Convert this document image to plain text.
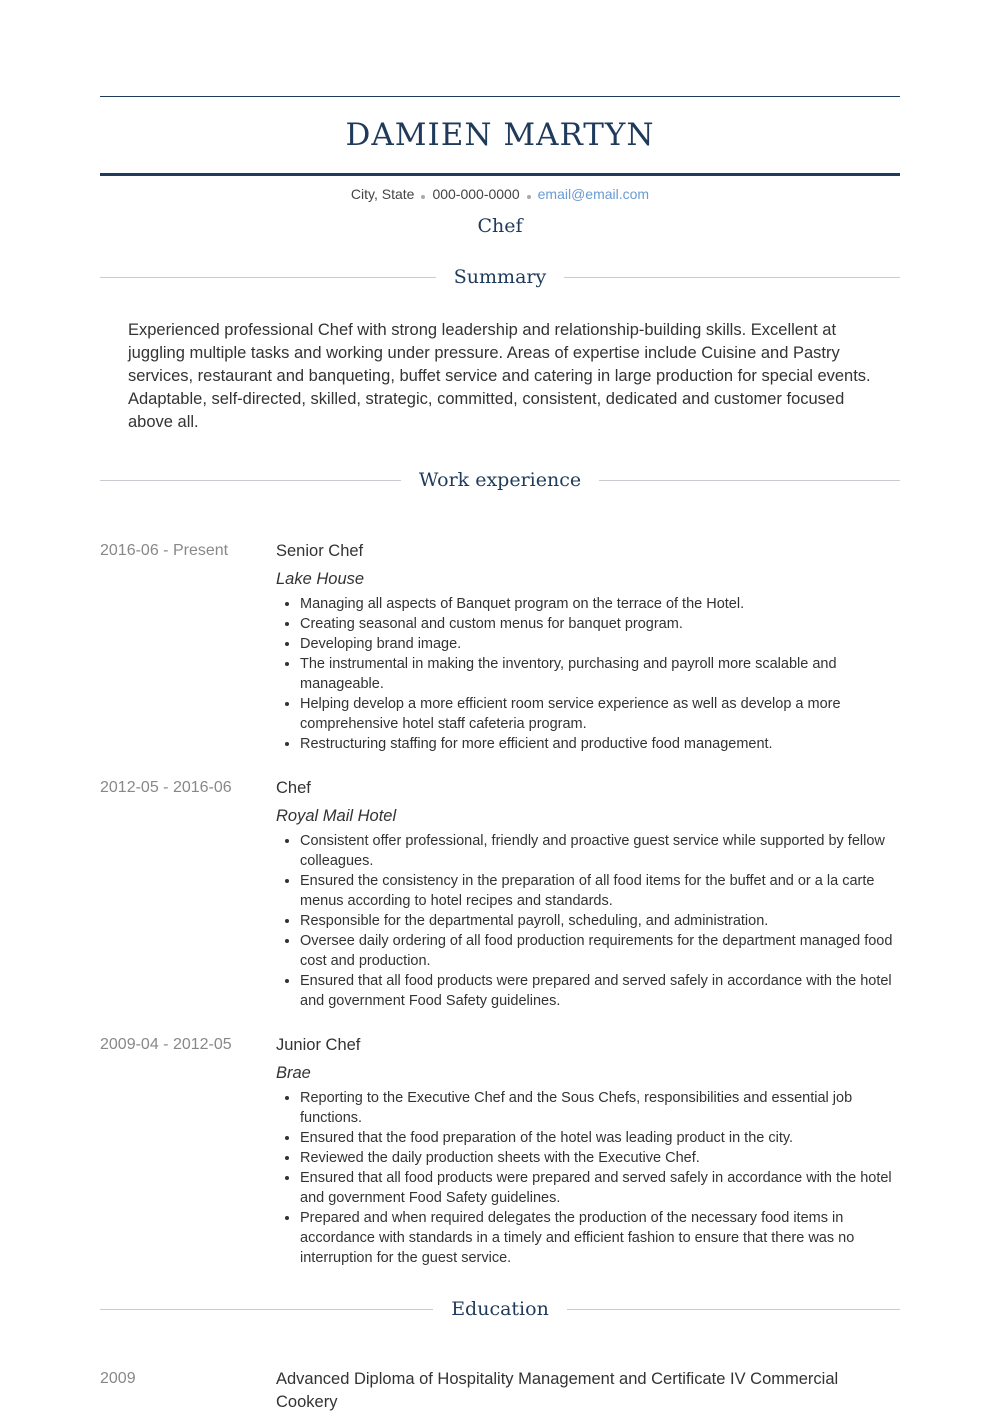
DAMIEN MARTYN
City, State 000-000-0000 email@email.com
Chef
Summary

Experienced professional Chef with strong leadership and relationship-building skills. Excellent at juggling multiple tasks and working under pressure. Areas of expertise include Cuisine and Pastry services, restaurant and banqueting, buffet service and catering in large production for special events. Adaptable, self-directed, skilled, strategic, committed, consistent, dedicated and customer focused above all.

Work experience
2016-06 - Present	Senior Chef
Lake House
• Managing all aspects of Banquet program on the terrace of the Hotel.
• Creating seasonal and custom menus for banquet program.
• Developing brand image.
• The instrumental in making the inventory, purchasing and payroll more scalable and manageable.
• Helping develop a more efficient room service experience as well as develop a more comprehensive hotel staff cafeteria program.
• Restructuring staffing for more efficient and productive food management.
2012-05 - 2016-06	Chef
Royal Mail Hotel
• Consistent offer professional, friendly and proactive guest service while supported by fellow colleagues.
• Ensured the consistency in the preparation of all food items for the buffet and or a la carte menus according to hotel recipes and standards.
• Responsible for the departmental payroll, scheduling, and administration.
• Oversee daily ordering of all food production requirements for the department managed food cost and production.
• Ensured that all food products were prepared and served safely in accordance with the hotel and government Food Safety guidelines.
2009-04 - 2012-05	Junior Chef
Brae
• Reporting to the Executive Chef and the Sous Chefs, responsibilities and essential job functions.
• Ensured that the food preparation of the hotel was leading product in the city.
• Reviewed the daily production sheets with the Executive Chef.
• Ensured that all food products were prepared and served safely in accordance with the hotel and government Food Safety guidelines.
• Prepared and when required delegates the production of the necessary food items in accordance with standards in a timely and efficient fashion to ensure that there was no interruption for the guest service.
Education
2009	Advanced Diploma of Hospitality Management and Certificate IV Commercial Cookery
